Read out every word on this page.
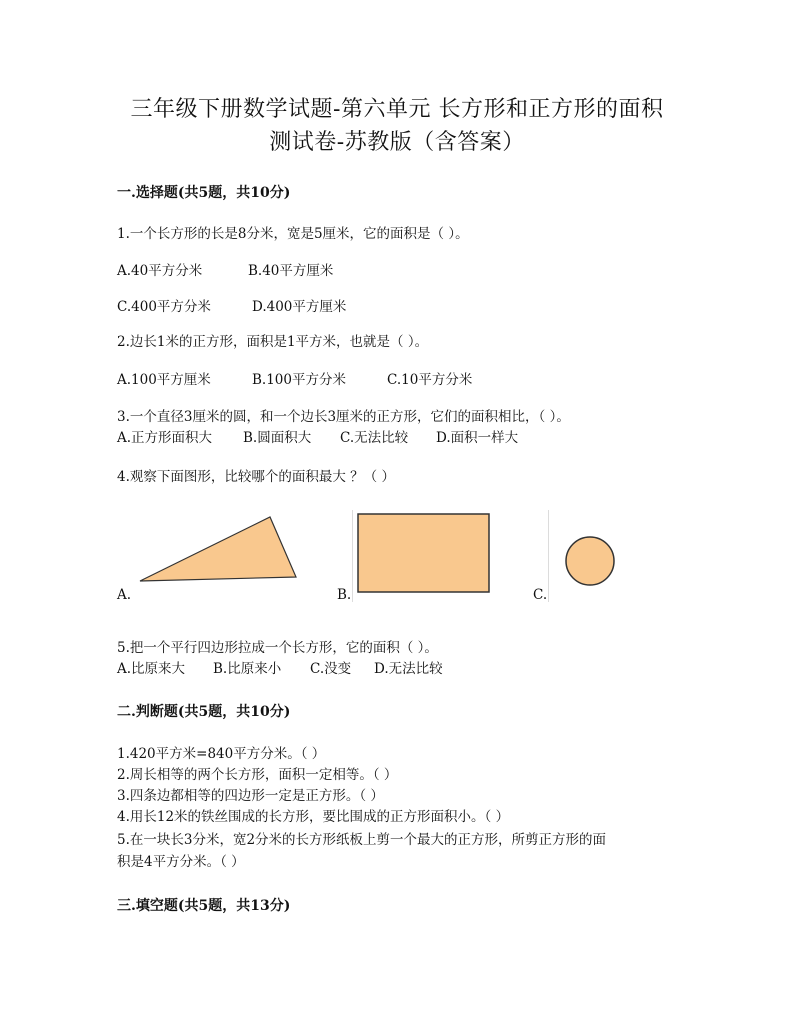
三年级下册数学试题-第六单元 长方形和正方形的面积
测试卷-苏教版（含答案）
一.选择题(共5题，共10分)
1.一个长方形的长是8分米，宽是5厘米，它的面积是（ ）。
A.40平方分米	B.40平方厘米
C.400平方分米	D.400平方厘米
2.边长1米的正方形，面积是1平方米，也就是（ ）。
A.100平方厘米	B.100平方分米	C.10平方分米
3.一个直径3厘米的圆，和一个边长3厘米的正方形，它们的面积相比，（ ）。
A.正方形面积大 B.圆面积大 C.无法比较 D.面积一样大
4.观察下面图形，比较哪个的面积最大 ？（ ）
A.	B.	C.
5.把一个平行四边形拉成一个长方形，它的面积（ ）。
A.比原来大 B.比原来小 C.没变 D.无法比较
二.判断题(共5题，共10分)
1.420平方米=840平方分米。（ ）
2.周长相等的两个长方形，面积一定相等。（ ）
3.四条边都相等的四边形一定是正方形。（ ）
4.用长12米的铁丝围成的长方形，要比围成的正方形面积小。（ ）
5.在一块长3分米，宽2分米的长方形纸板上剪一个最大的正方形，所剪正方形的面
积是4平方分米。（ ）
三.填空题(共5题，共13分)
